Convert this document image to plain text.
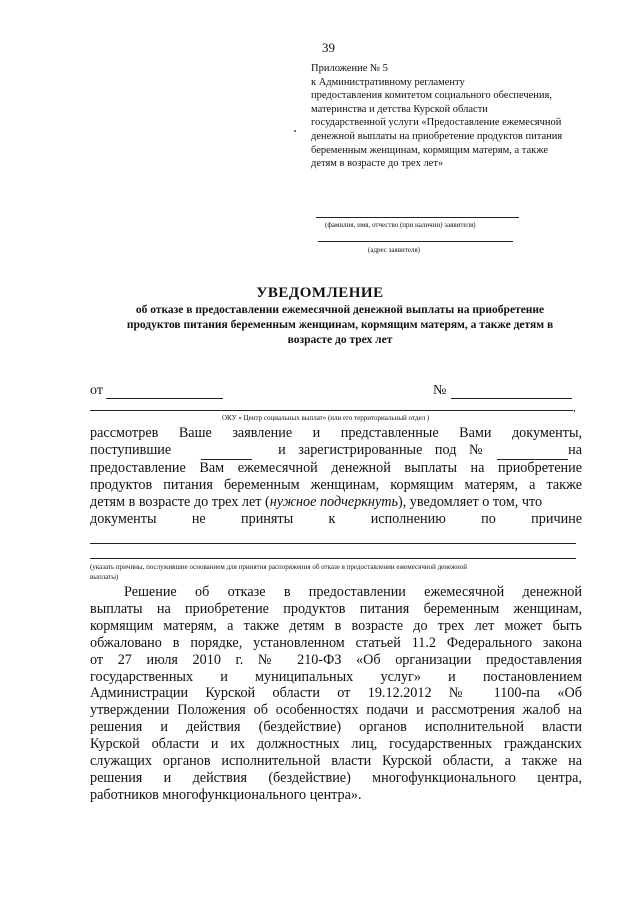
39
Приложение № 5
к Административному регламенту
предоставления комитетом социального обеспечения,
материнства и детства Курской области
государственной услуги «Предоставление ежемесячной
денежной выплаты на приобретение продуктов питания
беременным женщинам, кормящим матерям, а также
детям в возрасте до трех лет»
(фамилия, имя, отчество (при наличии) заявителя)
(адрес заявителя)
УВЕДОМЛЕНИЕ
об отказе в предоставлении ежемесячной денежной выплаты на приобретение
продуктов питания беременным женщинам, кормящим матерям, а также детям в
возрасте до трех лет
от	№
,
ОКУ « Центр социальных выплат» (или его территориальный отдел )
рассмотрев Ваше заявление и представленные Вами документы,
поступившие
	и зарегистрированные под №
	на
предоставление Вам ежемесячной денежной выплаты на приобретение
продуктов питания беременным женщинам, кормящим матерям, а также
детям в возрасте до трех лет (нужное подчеркнуть), уведомляет о том, что
документы не приняты к исполнению по причине
(указать причины, послужившие основанием для принятия распоряжения об отказе в предоставлении ежемесячной денежной
выплаты)
Решение об отказе в предоставлении ежемесячной денежной
выплаты на приобретение продуктов питания беременным женщинам,
кормящим матерям, а также детям в возрасте до трех лет может быть
обжаловано в порядке, установленном статьей 11.2 Федерального закона
от 27 июля 2010 г. № 210-ФЗ «Об организации предоставления
государственных и муниципальных услуг» и постановлением
Администрации Курской области от 19.12.2012 № 1100-па «Об
утверждении Положения об особенностях подачи и рассмотрения жалоб на
решения и действия (бездействие) органов исполнительной власти
Курской области и их должностных лиц, государственных гражданских
служащих органов исполнительной власти Курской области, а также на
решения и действия (бездействие) многофункционального центра,
работников многофункционального центра».
